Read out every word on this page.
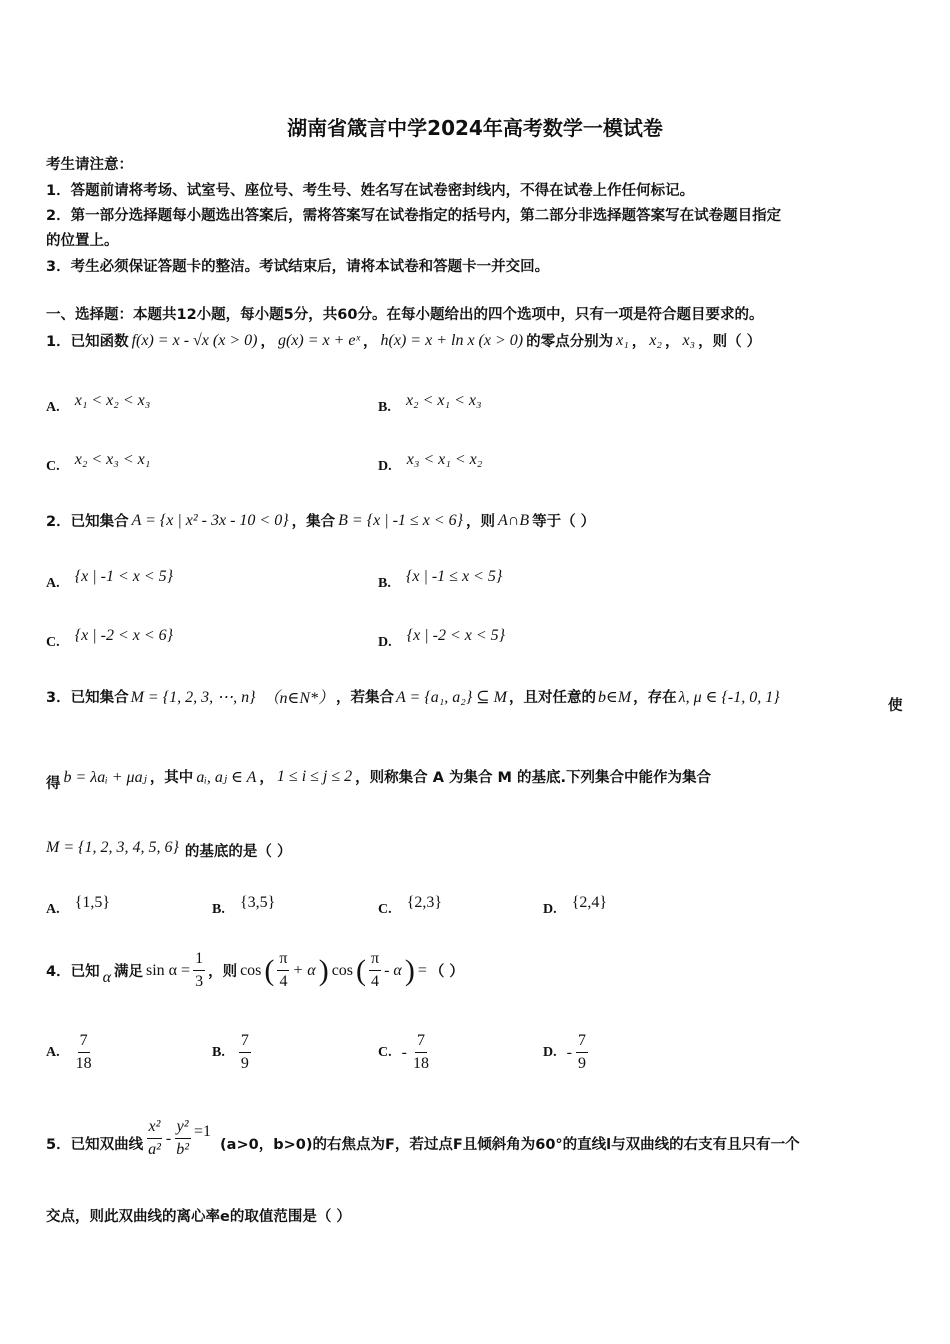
湖南省箴言中学2024年高考数学一模试卷
考生请注意：
1．答题前请将考场、试室号、座位号、考生号、姓名写在试卷密封线内，不得在试卷上作任何标记。
2．第一部分选择题每小题选出答案后，需将答案写在试卷指定的括号内，第二部分非选择题答案写在试卷题目指定
的位置上。
3．考生必须保证答题卡的整洁。考试结束后，请将本试卷和答题卡一并交回。
一、选择题：本题共12小题，每小题5分，共60分。在每小题给出的四个选项中，只有一项是符合题目要求的。
1．已知函数 f(x) = x - √x (x > 0) ， g(x) = x + eˣ ， h(x) = x + ln x (x > 0) 的零点分别为 x₁ ， x₂ ， x₃ ，则（ ）
A. x₁ < x₂ < x₃	B. x₂ < x₁ < x₃
C. x₂ < x₃ < x₁	D. x₃ < x₁ < x₂
2．已知集合 A = {x | x² - 3x - 10 < 0} ，集合 B = {x | -1 ≤ x < 6} ，则 A∩B 等于（ ）
A. {x | -1 < x < 5}	B. {x | -1 ≤ x < 5}
C. {x | -2 < x < 6}	D. {x | -2 < x < 5}
3．已知集合 M = {1, 2, 3, ⋯, n} （n∈N*） ，若集合 A = {a₁, a₂} ⊆ M ，且对任意的 b∈M ，存在 λ, μ ∈ {-1, 0, 1}
使
得 b = λaᵢ + μaⱼ ，其中 aᵢ, aⱼ ∈ A ， 1 ≤ i ≤ j ≤ 2 ，则称集合 A 为集合 M 的基底.下列集合中能作为集合
M = {1, 2, 3, 4, 5, 6} 的基底的是（ ）
A. {1,5}	B. {3,5}	C. {2,3}	D. {2,4}
4．已知 α 满足 $\sin \alpha = \frac{1}{3}$ ，则 cos ( $\frac{\pi}{4} + \alpha$ ) cos ( $\frac{\pi}{4}$ - α ) = （ ）
A. $\frac{7}{18}$	B. $\frac{7}{9}$	C. - $\frac{7}{18}$	D. - $\frac{7}{9}$
5．已知双曲线 $\frac{\text{x²}}{\text{a²}} - \frac{\text{y²}}{\text{b²}} =1$
(a>0，b>0)的右焦点为F，若过点F且倾斜角为60°的直线l与双曲线的右支有且只有一个
交点，则此双曲线的离心率e的取值范围是（ ）
